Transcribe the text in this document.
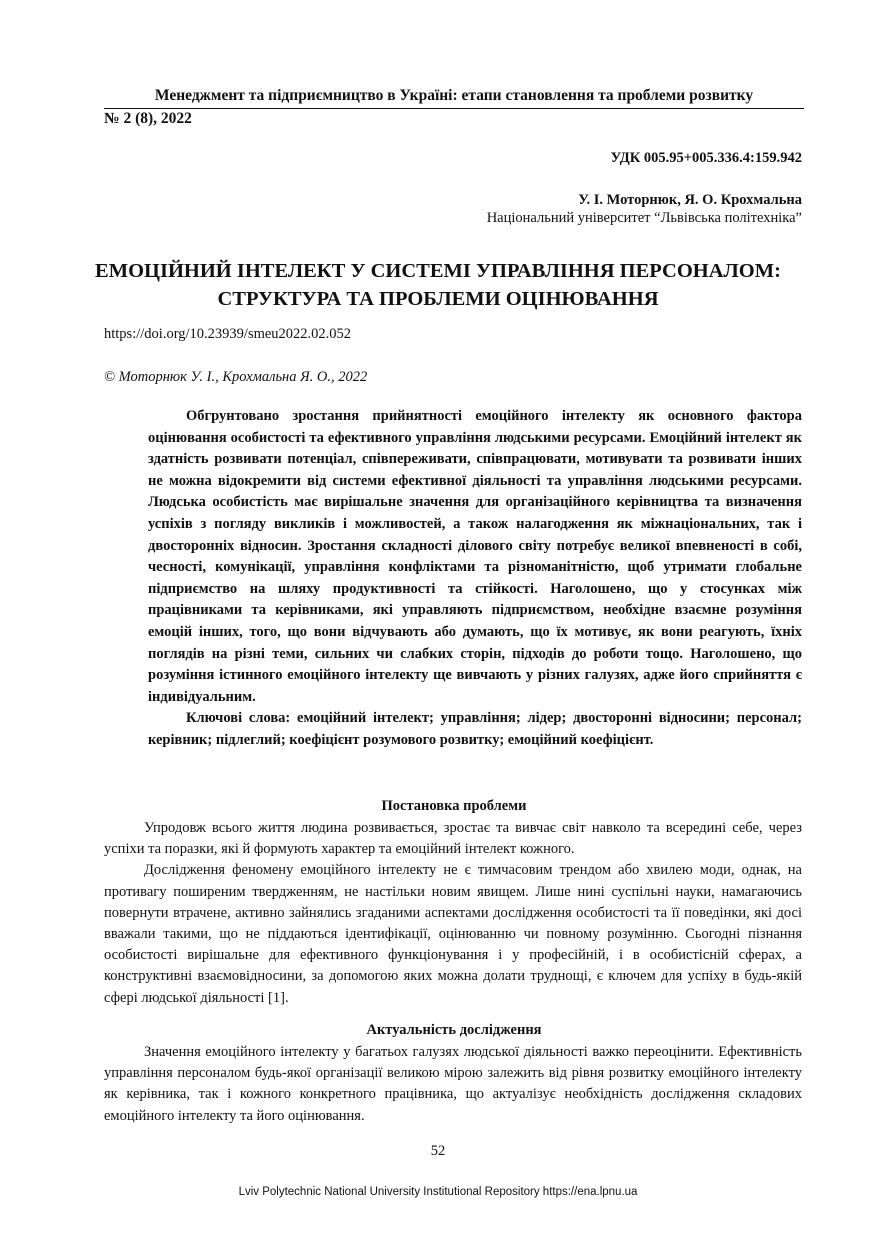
Менеджмент та підприємництво в Україні: етапи становлення та проблеми розвитку
№ 2 (8), 2022
УДК 005.95+005.336.4:159.942
У. І. Моторнюк, Я. О. Крохмальна
Національний університет “Львівська політехніка”
ЕМОЦІЙНИЙ ІНТЕЛЕКТ У СИСТЕМІ УПРАВЛІННЯ ПЕРСОНАЛОМ:
СТРУКТУРА ТА ПРОБЛЕМИ ОЦІНЮВАННЯ
https://doi.org/10.23939/smeu2022.02.052
© Моторнюк У. І., Крохмальна Я. О., 2022

Обгрунтовано зростання прийнятності емоційного інтелекту як основного фактора оцінювання особистості та ефективного управління людськими ресурсами. Емоційний інтелект як здатність розвивати потенціал, співпереживати, співпрацювати, мотивувати та розвивати інших не можна відокремити від системи ефективної діяльності та управління людськими ресурсами. Людська особистість має вирішальне значення для організаційного керівництва та визначення успіхів з погляду викликів і можливостей, а також налагодження як міжнаціональних, так і двосторонніх відносин. Зростання складності ділового світу потребує великої впевненості в собі, чесності, комунікації, управління конфліктами та різноманітністю, щоб утримати глобальне підприємство на шляху продуктивності та стійкості. Наголошено, що у стосунках між працівниками та керівниками, які управляють підприємством, необхідне взаємне розуміння емоцій інших, того, що вони відчувають або думають, що їх мотивує, як вони реагують, їхніх поглядів на різні теми, сильних чи слабких сторін, підходів до роботи тощо. Наголошено, що розуміння істинного емоційного інтелекту ще вивчають у різних галузях, адже його сприйняття є індивідуальним.

Ключові слова: емоційний інтелект; управління; лідер; двосторонні відносини; персонал; керівник; підлеглий; коефіцієнт розумового розвитку; емоційний коефіцієнт.

Постановка проблеми

Упродовж всього життя людина розвивається, зростає та вивчає світ навколо та всередині себе, через успіхи та поразки, які й формують характер та емоційний інтелект кожного.

Дослідження феномену емоційного інтелекту не є тимчасовим трендом або хвилею моди, однак, на противагу поширеним твердженням, не настільки новим явищем. Лише нині суспільні науки, намагаючись повернути втрачене, активно зайнялись згаданими аспектами дослідження особистості та її поведінки, які досі вважали такими, що не піддаються ідентифікації, оцінюванню чи повному розумінню. Сьогодні пізнання особистості вирішальне для ефективного функціонування і у професійній, і в особистісній сферах, а конструктивні взаємовідносини, за допомогою яких можна долати труднощі, є ключем для успіху в будь-якій сфері людської діяльності [1].

Актуальність дослідження

Значення емоційного інтелекту у багатьох галузях людської діяльності важко переоцінити. Ефективність управління персоналом будь-якої організації великою мірою залежить від рівня розвитку емоційного інтелекту як керівника, так і кожного конкретного працівника, що актуалізує необхідність дослідження складових емоційного інтелекту та його оцінювання.

52
Lviv Polytechnic National University Institutional Repository https://ena.lpnu.ua
